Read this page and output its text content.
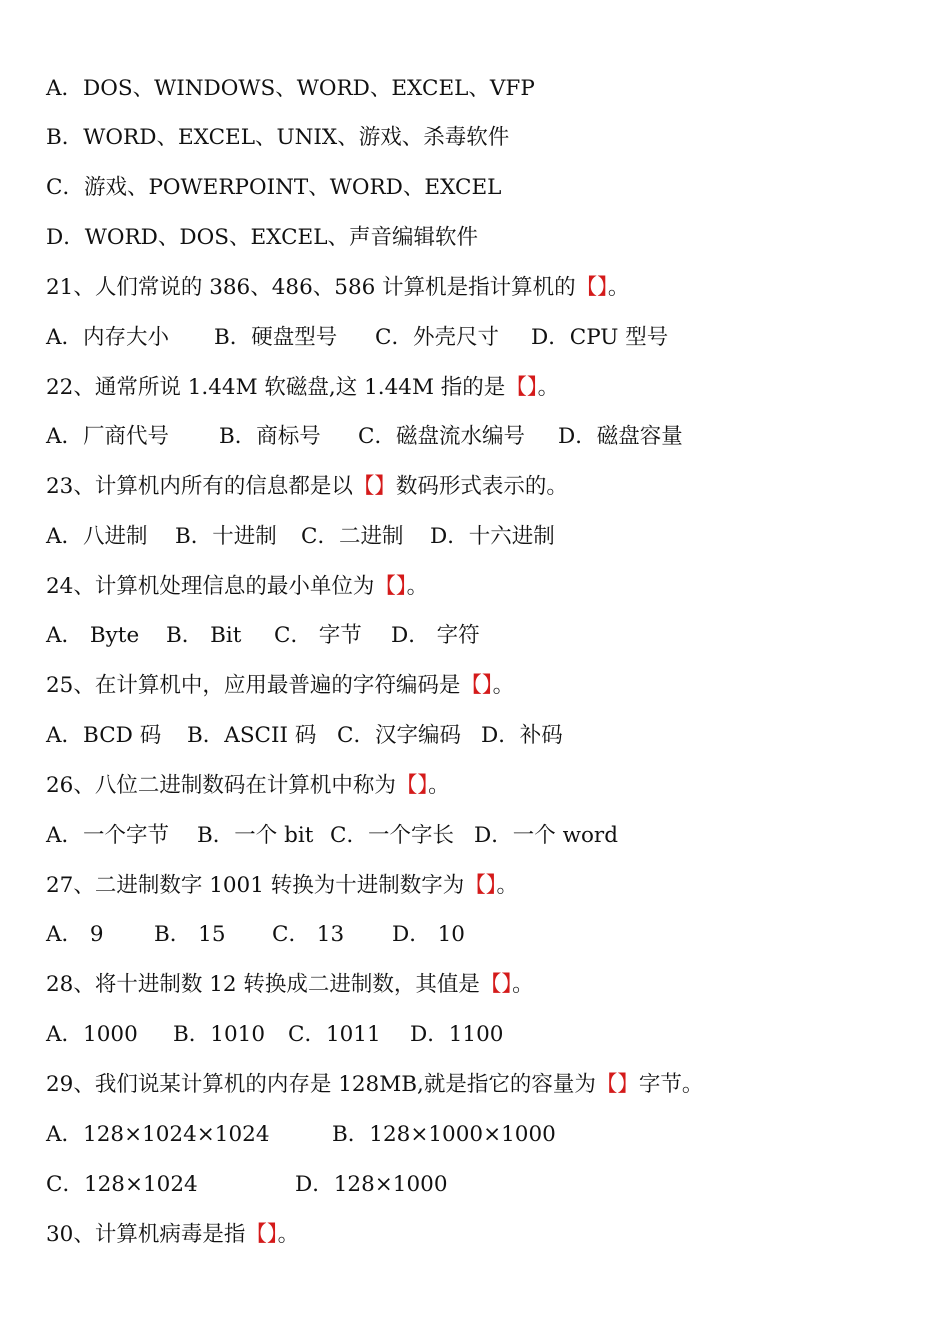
A．DOS、WINDOWS、WORD、EXCEL、VFP
B．WORD、EXCEL、UNIX、游戏、杀毒软件
C．游戏、POWERPOINT、WORD、EXCEL
D．WORD、DOS、EXCEL、声音编辑软件
21、人们常说的 386、486、586 计算机是指计算机的【】。
A．内存大小 B．硬盘型号 C．外壳尺寸 D．CPU 型号
22、通常所说 1.44M 软磁盘,这 1.44M 指的是【】。
A．厂商代号 B．商标号 C．磁盘流水编号 D．磁盘容量
23、计算机内所有的信息都是以【】数码形式表示的。
A．八进制 B．十进制 C．二进制 D．十六进制
24、计算机处理信息的最小单位为【】。
A． Byte B． Bit C． 字节 D． 字符
25、在计算机中，应用最普遍的字符编码是【】。
A．BCD 码 B．ASCII 码 C．汉字编码 D．补码
26、八位二进制数码在计算机中称为【】。
A．一个字节 B．一个 bit C．一个字长 D．一个 word
27、二进制数字 1001 转换为十进制数字为【】。
A． 9 B． 15 C． 13 D． 10
28、将十进制数 12 转换成二进制数，其值是【】。
A．1000 B．1010 C．1011 D．1100
29、我们说某计算机的内存是 128MB,就是指它的容量为【】字节。
A．128×1024×1024	B．128×1000×1000
C．128×1024	D．128×1000
30、计算机病毒是指【】。
